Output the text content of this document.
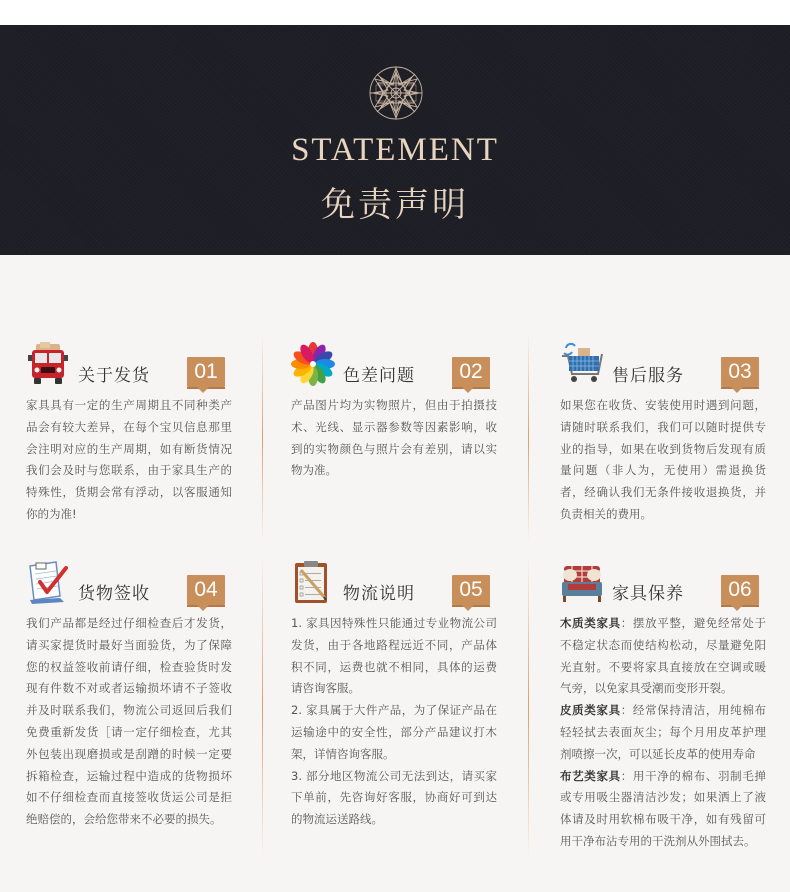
STATEMENT
免责声明
关于发货	01

家具具有一定的生产周期且不同种类产品会有较大差异，在每个宝贝信息那里会注明对应的生产周期，如有断货情况我们会及时与您联系，由于家具生产的特殊性，货期会常有浮动，以客服通知你的为准!

色差问题	02

产品图片均为实物照片，但由于拍摄技术、光线、显示器参数等因素影响，收到的实物颜色与照片会有差别，请以实物为准。

售后服务	03

如果您在收货、安装使用时遇到问题，请随时联系我们，我们可以随时提供专业的指导，如果在收到货物后发现有质量问题（非人为，无使用）需退换货者，经确认我们无条件接收退换货，并负责相关的费用。

货物签收	04

我们产品都是经过仔细检查后才发货，请买家提货时最好当面验货，为了保障您的权益签收前请仔细，检查验货时发现有件数不对或者运输损坏请不子签收并及时联系我们，物流公司返回后我们免费重新发货［请一定仔细检查，尤其外包装出现磨损或是刮蹭的时候一定要拆箱检查，运输过程中造成的货物损坏如不仔细检查而直接签收货运公司是拒绝赔偿的，会给您带来不必要的损失。

物流说明	05

1. 家具因特殊性只能通过专业物流公司发货，由于各地路程远近不同，产品体积不同，运费也就不相同，具体的运费请咨询客服。

2. 家具属于大件产品，为了保证产品在运输途中的安全性，部分产品建议打木架，详情咨询客服。

3. 部分地区物流公司无法到达，请买家下单前，先咨询好客服，协商好可到达的物流运送路线。

家具保养	06

木质类家具：摆放平整，避免经常处于不稳定状态而使结构松动，尽量避免阳光直射。不要将家具直接放在空调或暖气旁，以免家具受潮而变形开裂。

皮质类家具：经常保持清洁，用纯棉布轻轻拭去表面灰尘；每个月用皮革护理剂喷擦一次，可以延长皮革的使用寿命

布艺类家具：用干净的棉布、羽制毛掸或专用吸尘器清洁沙发；如果洒上了液体请及时用软棉布吸干净，如有残留可用干净布沾专用的干洗剂从外围拭去。
